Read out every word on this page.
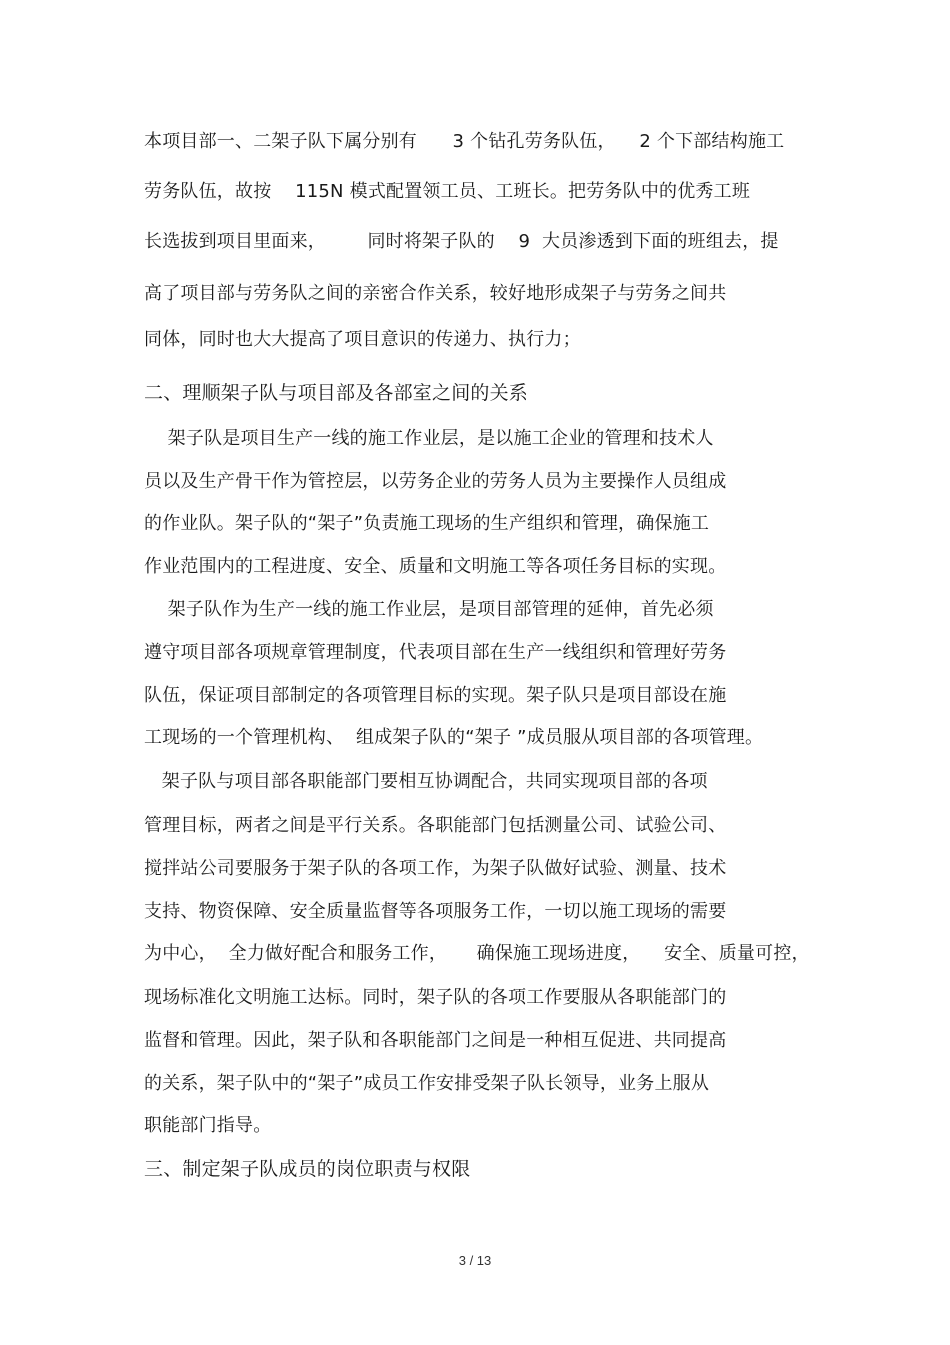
本项目部一、二架子队下属分别有      3 个钻孔劳务队伍，    2 个下部结构施工
劳务队伍，故按    115N 模式配置领工员、工班长。把劳务队中的优秀工班
长选拔到项目里面来，       同时将架子队的    9  大员渗透到下面的班组去，提
高了项目部与劳务队之间的亲密合作关系，较好地形成架子与劳务之间共
同体，同时也大大提高了项目意识的传递力、执行力；
二、理顺架子队与项目部及各部室之间的关系
架子队是项目生产一线的施工作业层，是以施工企业的管理和技术人
员以及生产骨干作为管控层，以劳务企业的劳务人员为主要操作人员组成
的作业队。架子队的“架子”负责施工现场的生产组织和管理，确保施工
作业范围内的工程进度、安全、质量和文明施工等各项任务目标的实现。
架子队作为生产一线的施工作业层，是项目部管理的延伸，首先必须
遵守项目部各项规章管理制度，代表项目部在生产一线组织和管理好劳务
队伍，保证项目部制定的各项管理目标的实现。架子队只是项目部设在施
工现场的一个管理机构、  组成架子队的“架子 ”成员服从项目部的各项管理。
架子队与项目部各职能部门要相互协调配合，共同实现项目部的各项
管理目标，两者之间是平行关系。各职能部门包括测量公司、试验公司、
搅拌站公司要服务于架子队的各项工作，为架子队做好试验、测量、技术
支持、物资保障、安全质量监督等各项服务工作，一切以施工现场的需要
为中心，  全力做好配合和服务工作，     确保施工现场进度，    安全、质量可控，
现场标准化文明施工达标。同时，架子队的各项工作要服从各职能部门的
监督和管理。因此，架子队和各职能部门之间是一种相互促进、共同提高
的关系，架子队中的“架子”成员工作安排受架子队长领导，业务上服从
职能部门指导。
三、制定架子队成员的岗位职责与权限
3 / 13
